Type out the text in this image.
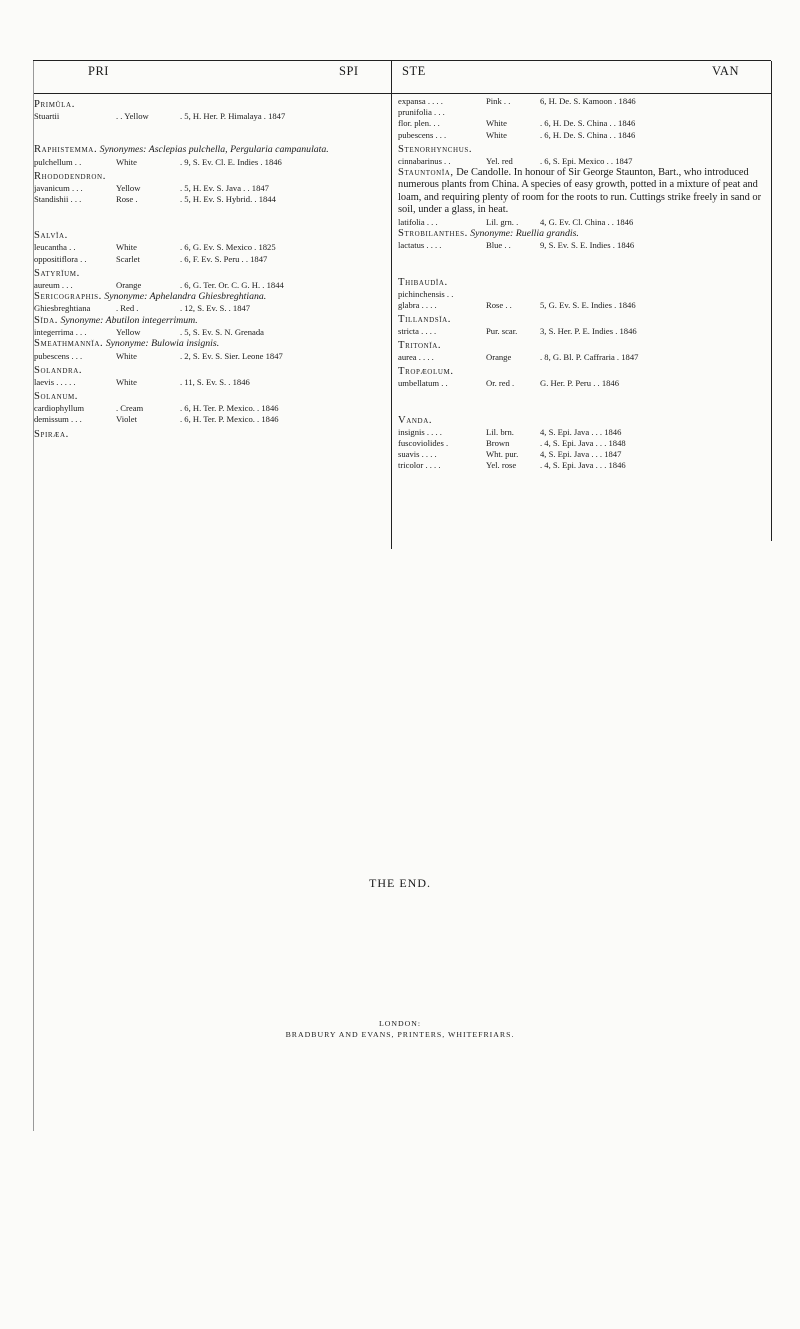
PRI	SPI	STE	VAN
Primŭla.
Stuartii	. . Yellow	. 5, H. Her. P. Himalaya . 1847
Raphistemma. Synonymes: Asclepias pulchella, Pergularia campanulata.
pulchellum . .	White	. 9, S. Ev. Cl. E. Indies . 1846
Rhododendron.
javanicum . . .	Yellow	. 5, H. Ev. S. Java . . 1847
Standishii . . .	Rose .	. 5, H. Ev. S. Hybrid. . 1844
Salvĭa.
leucantha . .	White	. 6, G. Ev. S. Mexico . 1825
oppositiflora . .	Scarlet	. 6, F. Ev. S. Peru . . 1847
Satyrĭum.
aureum . . .	Orange	. 6, G. Ter. Or. C. G. H. . 1844
Sericographis. Synonyme: Aphelandra Ghiesbreghtiana.
Ghiesbreghtiana	. Red .	. 12, S. Ev. S. . 1847
Sĭda. Synonyme: Abutilon integerrimum.
integerrima . . .	Yellow	. 5, S. Ev. S. N. Grenada
Smeathmannĭa. Synonyme: Bulowia insignis.
pubescens . . .	White	. 2, S. Ev. S. Sier. Leone 1847
Solandra.
laevis . . . . .	White	. 11, S. Ev. S. . 1846
Solanum.
cardiophyllum	. Cream	. 6, H. Ter. P. Mexico. . 1846
demissum . . .	Violet	. 6, H. Ter. P. Mexico. . 1846
Spiræa.
expansa . . . .	Pink . .	6, H. De. S. Kamoon . 1846
prunifolia . . .
flor. plen. . .	White	. 6, H. De. S. China . . 1846
pubescens . . .	White	. 6, H. De. S. China . . 1846
Stenorhynchus.
cinnabarinus . .	Yel. red	. 6, S. Epi. Mexico . . 1847
Stauntonĭa, De Candolle. In honour of Sir George Staunton, Bart., who introduced numerous plants from China. A species of easy growth, potted in a mixture of peat and loam, and requiring plenty of room for the roots to run. Cuttings strike freely in sand or soil, under a glass, in heat.
latifolia . . .	Lil. grn. .	4, G. Ev. Cl. China . . 1846
Strobilanthes. Synonyme: Ruellia grandis.
lactatus . . . .	Blue . .	9, S. Ev. S. E. Indies . 1846
Thibaudĭa.
pichinchensis . .
glabra . . . .	Rose . .	5, G. Ev. S. E. Indies . 1846
Tillandsĭa.
stricta . . . .	Pur. scar.	3, S. Her. P. E. Indies . 1846
Tritonĭa.
aurea . . . .	Orange	. 8, G. Bl. P. Caffraria . 1847
Tropæolum.
umbellatum . .	Or. red .	G. Her. P. Peru . . 1846
Vanda.
insignis . . . .	Lil. brn.	4, S. Epi. Java . . . 1846
fuscoviolides .	Brown	. 4, S. Epi. Java . . . 1848
suavis . . . .	Wht. pur.	4, S. Epi. Java . . . 1847
tricolor . . . .	Yel. rose	. 4, S. Epi. Java . . . 1846
THE END.
LONDON:
BRADBURY AND EVANS, PRINTERS, WHITEFRIARS.
